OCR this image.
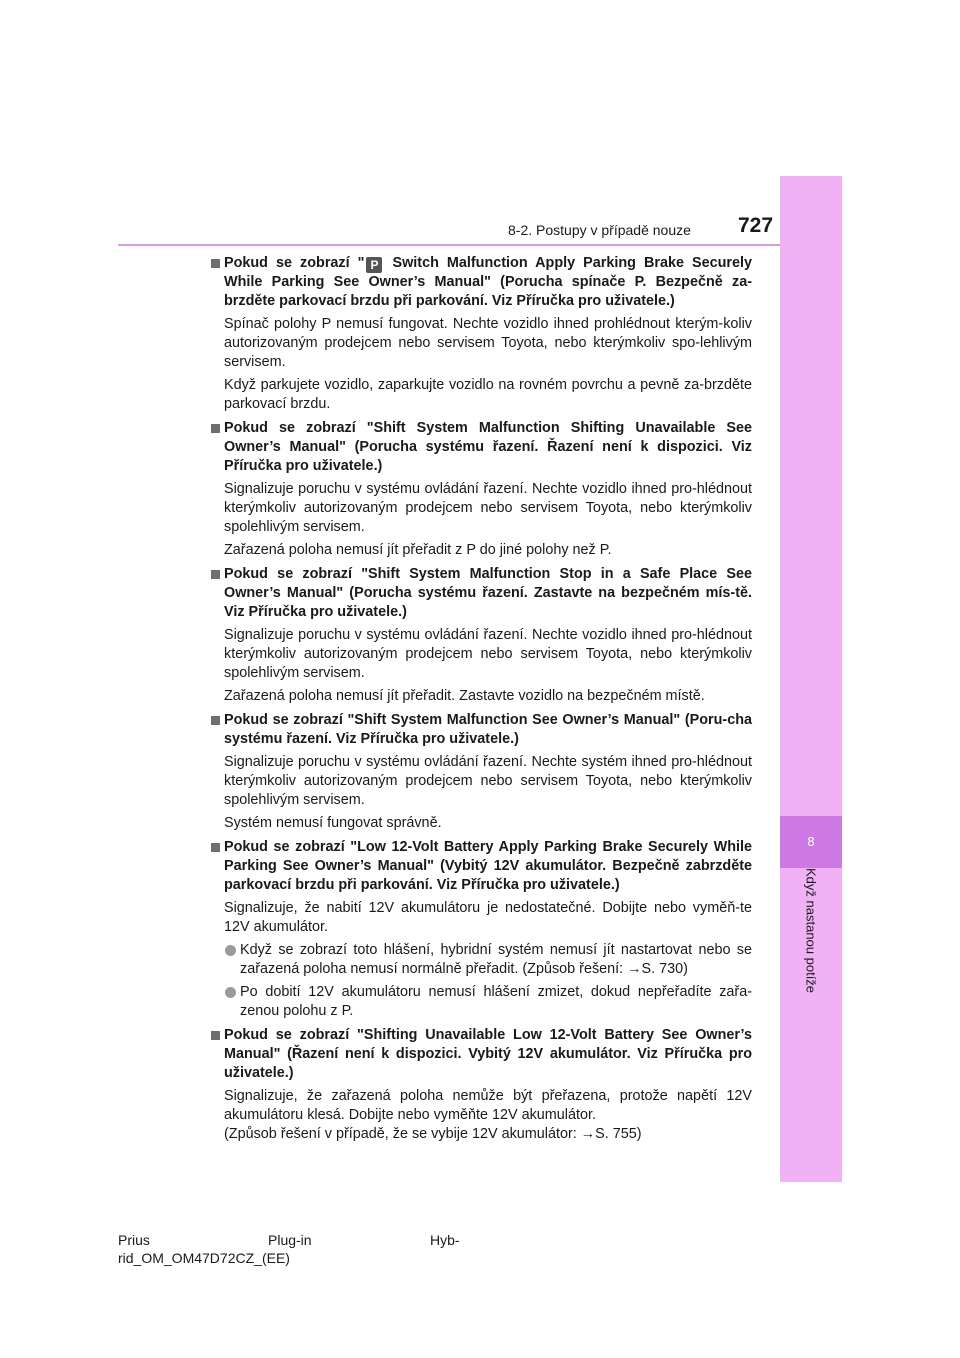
8
Když nastanou potíže
8-2. Postupy v případě nouze 727
Pokud se zobrazí " P Switch Malfunction Apply Parking Brake Securely While Parking See Owner’s Manual" (Porucha spínače P. Bezpečně za-brzděte parkovací brzdu při parkování. Viz Příručka pro uživatele.)

Spínač polohy P nemusí fungovat. Nechte vozidlo ihned prohlédnout kterým-koliv autorizovaným prodejcem nebo servisem Toyota, nebo kterýmkoliv spo-lehlivým servisem.

Když parkujete vozidlo, zaparkujte vozidlo na rovném povrchu a pevně za-brzděte parkovací brzdu.

Pokud se zobrazí "Shift System Malfunction Shifting Unavailable See Owner’s Manual" (Porucha systému řazení. Řazení není k dispozici. Viz Příručka pro uživatele.)

Signalizuje poruchu v systému ovládání řazení. Nechte vozidlo ihned pro-hlédnout kterýmkoliv autorizovaným prodejcem nebo servisem Toyota, nebo kterýmkoliv spolehlivým servisem.

Zařazená poloha nemusí jít přeřadit z P do jiné polohy než P.

Pokud se zobrazí "Shift System Malfunction Stop in a Safe Place See Owner’s Manual" (Porucha systému řazení. Zastavte na bezpečném mís-tě. Viz Příručka pro uživatele.)

Signalizuje poruchu v systému ovládání řazení. Nechte vozidlo ihned pro-hlédnout kterýmkoliv autorizovaným prodejcem nebo servisem Toyota, nebo kterýmkoliv spolehlivým servisem.

Zařazená poloha nemusí jít přeřadit. Zastavte vozidlo na bezpečném místě.

Pokud se zobrazí "Shift System Malfunction See Owner’s Manual" (Poru-cha systému řazení. Viz Příručka pro uživatele.)

Signalizuje poruchu v systému ovládání řazení. Nechte systém ihned pro-hlédnout kterýmkoliv autorizovaným prodejcem nebo servisem Toyota, nebo kterýmkoliv spolehlivým servisem.

Systém nemusí fungovat správně.

Pokud se zobrazí "Low 12-Volt Battery Apply Parking Brake Securely While Parking See Owner’s Manual" (Vybitý 12V akumulátor. Bezpečně zabrzděte parkovací brzdu při parkování. Viz Příručka pro uživatele.)

Signalizuje, že nabití 12V akumulátoru je nedostatečné. Dobijte nebo vyměň-te 12V akumulátor.

Když se zobrazí toto hlášení, hybridní systém nemusí jít nastartovat nebo se zařazená poloha nemusí normálně přeřadit. (Způsob řešení: →S. 730)
Po dobití 12V akumulátoru nemusí hlášení zmizet, dokud nepřeřadíte zařa-zenou polohu z P.
Pokud se zobrazí "Shifting Unavailable Low 12-Volt Battery See Owner’s Manual" (Řazení není k dispozici. Vybitý 12V akumulátor. Viz Příručka pro uživatele.)

Signalizuje, že zařazená poloha nemůže být přeřazena, protože napětí 12V akumulátoru klesá. Dobijte nebo vyměňte 12V akumulátor.

(Způsob řešení v případě, že se vybije 12V akumulátor: →S. 755)

Prius	Plug-in	Hyb-
rid_OM_OM47D72CZ_(EE)
